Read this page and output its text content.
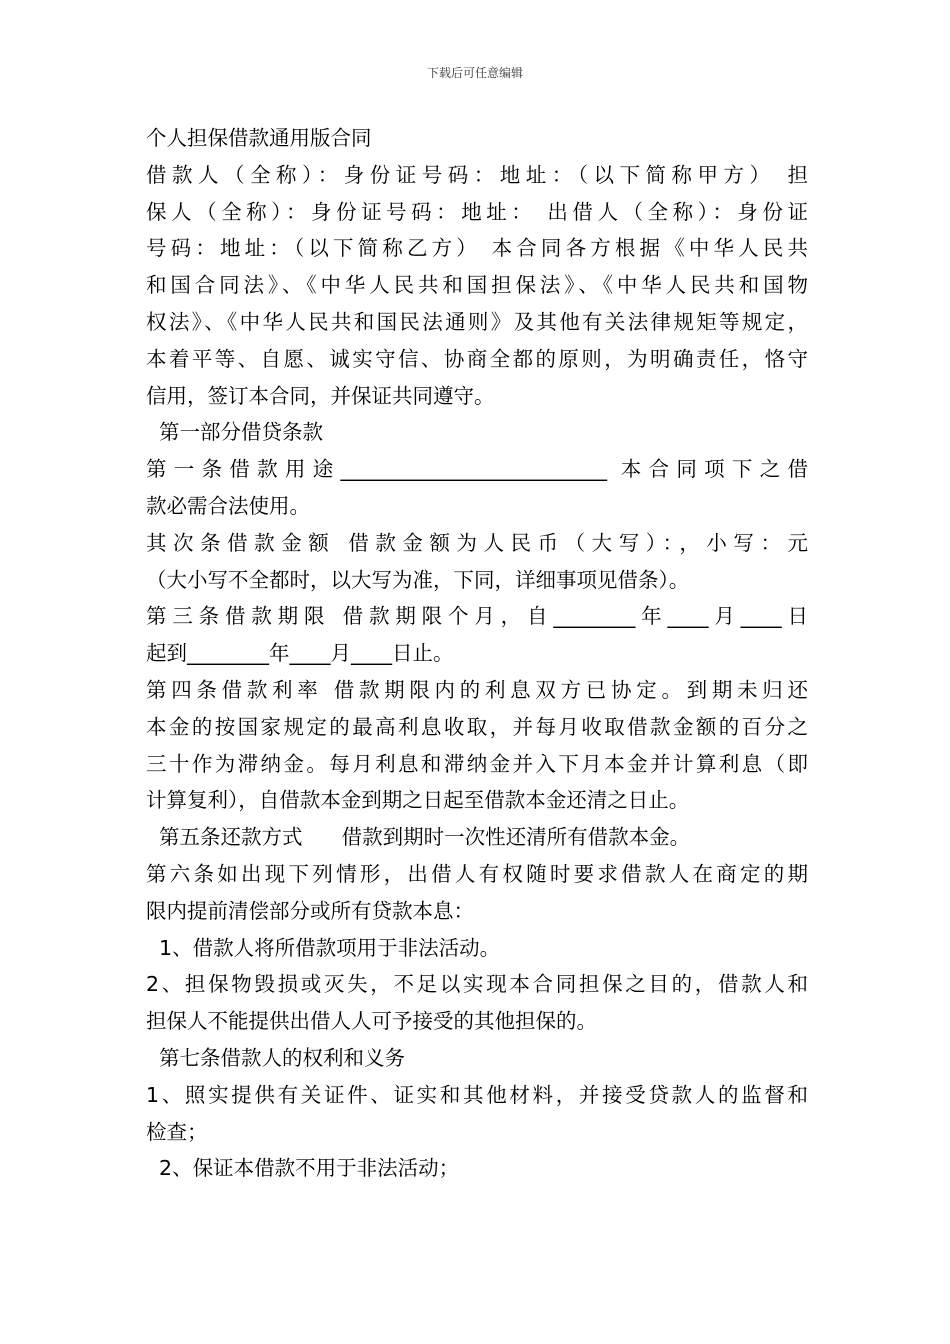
下载后可任意编辑
个人担保借款通用版合同
借款人（全称）：身份证号码：地址：（以下简称甲方） 担
保人（全称）：身份证号码：地址： 出借人（全称）：身份证
号码：地址：（以下简称乙方） 本合同各方根据《中华人民共
和国合同法》、《中华人民共和国担保法》、《中华人民共和国物
权法》、《中华人民共和国民法通则》及其他有关法律规矩等规定，
本着平等、自愿、诚实守信、协商全都的原则，为明确责任，恪守
信用，签订本合同，并保证共同遵守。
第一部分借贷条款
第一条借款用途__________________________ 本合同项下之借
款必需合法使用。
其次条借款金额 借款金额为人民币（大写）：，小写：元
（大小写不全都时，以大写为准，下同，详细事项见借条）。
第三条借款期限 借款期限个月，自________年____月____日
起到________年____月____日止。
第四条借款利率 借款期限内的利息双方已协定。到期未归还
本金的按国家规定的最高利息收取，并每月收取借款金额的百分之
三十作为滞纳金。每月利息和滞纳金并入下月本金并计算利息（即
计算复利），自借款本金到期之日起至借款本金还清之日止。
第五条还款方式      借款到期时一次性还清所有借款本金。
第六条如出现下列情形，出借人有权随时要求借款人在商定的期
限内提前清偿部分或所有贷款本息：
1、借款人将所借款项用于非法活动。
2、担保物毁损或灭失，不足以实现本合同担保之目的，借款人和
担保人不能提供出借人人可予接受的其他担保的。
第七条借款人的权利和义务
1、照实提供有关证件、证实和其他材料，并接受贷款人的监督和
检查；
2、保证本借款不用于非法活动；
